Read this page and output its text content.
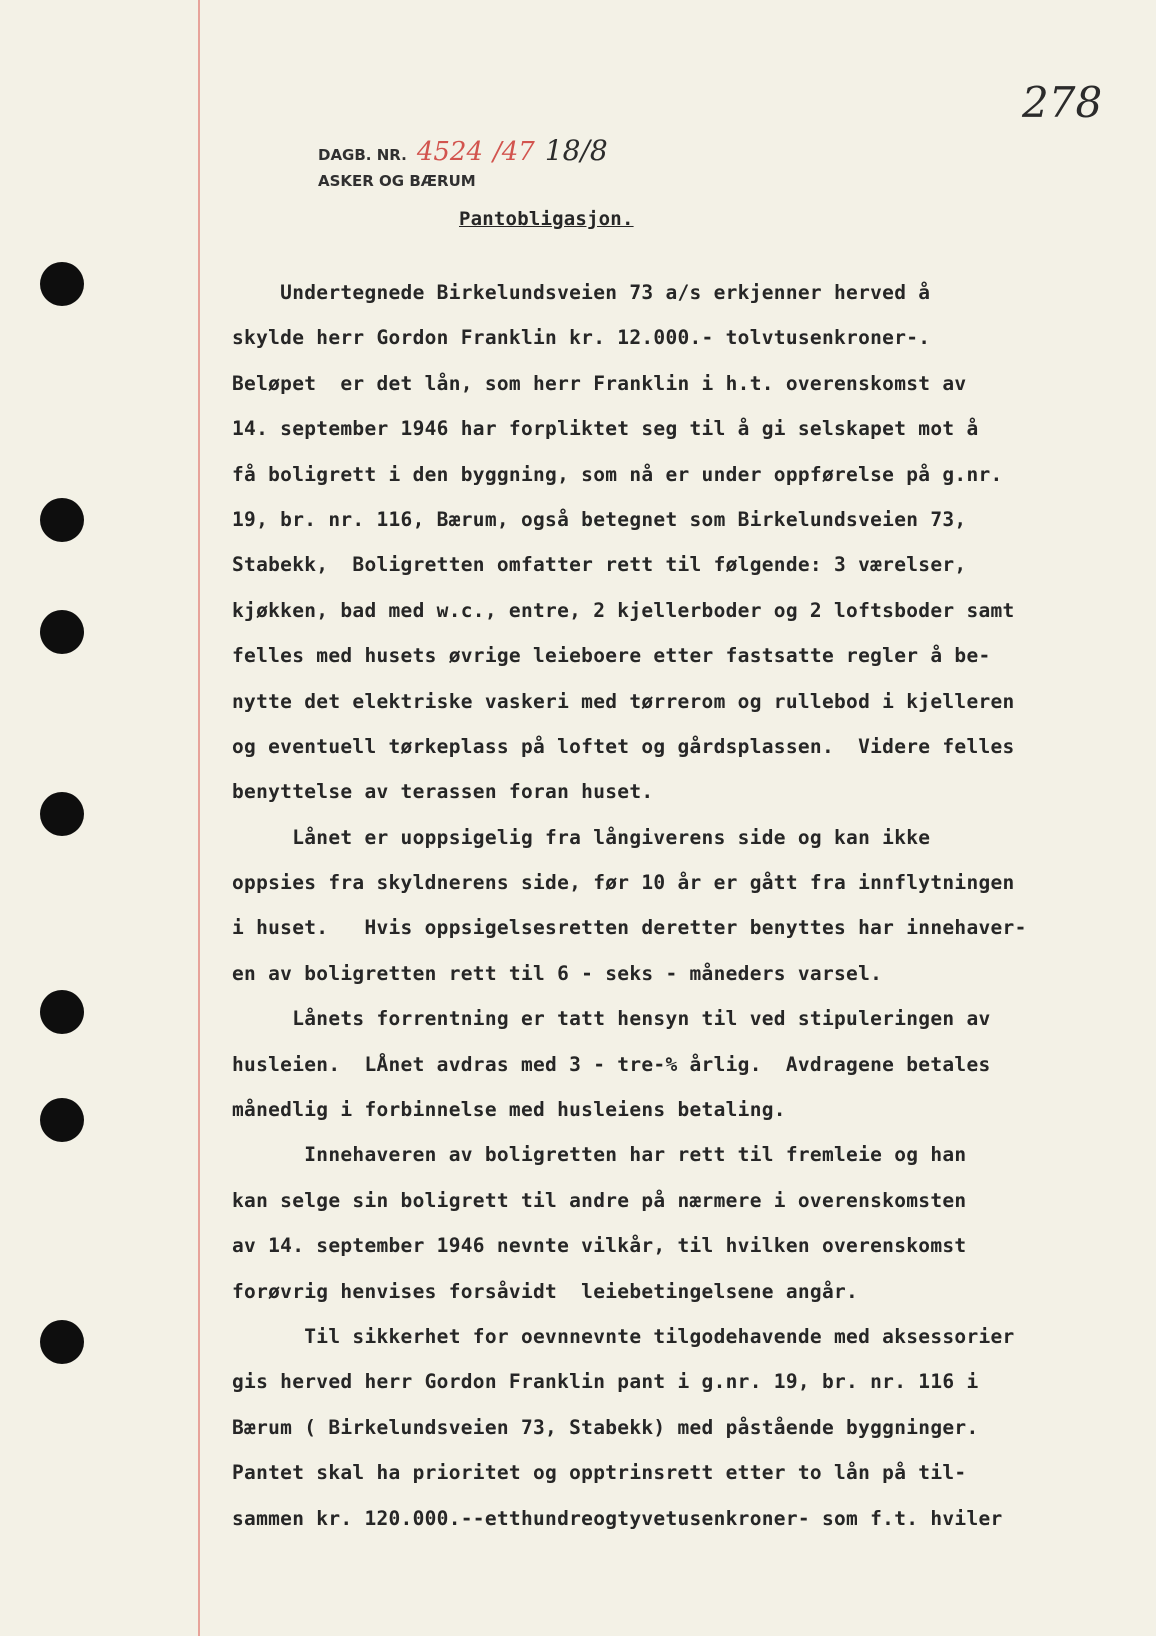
DAGB. NR. 4524 /47 18/8
ASKER OG BÆRUM
278
Pantobligasjon.
Undertegnede Birkelundsveien 73 a/s erkjenner herved å
skylde herr Gordon Franklin kr. 12.000.- tolvtusenkroner-.
Beløpet  er det lån, som herr Franklin i h.t. overenskomst av
14. september 1946 har forpliktet seg til å gi selskapet mot å
få boligrett i den byggning, som nå er under oppførelse på g.nr.
19, br. nr. 116, Bærum, også betegnet som Birkelundsveien 73,
Stabekk,  Boligretten omfatter rett til følgende: 3 værelser,
kjøkken, bad med w.c., entre, 2 kjellerboder og 2 loftsboder samt
felles med husets øvrige leieboere etter fastsatte regler å be-
nytte det elektriske vaskeri med tørrerom og rullebod i kjelleren
og eventuell tørkeplass på loftet og gårdsplassen.  Videre felles
benyttelse av terassen foran huset.
Lånet er uoppsigelig fra långiverens side og kan ikke
oppsies fra skyldnerens side, før 10 år er gått fra innflytningen
i huset.   Hvis oppsigelsesretten deretter benyttes har innehaver-
en av boligretten rett til 6 - seks - måneders varsel.
Lånets forrentning er tatt hensyn til ved stipuleringen av
husleien.  LÅnet avdras med 3 - tre-% årlig.  Avdragene betales
månedlig i forbinnelse med husleiens betaling.
Innehaveren av boligretten har rett til fremleie og han
kan selge sin boligrett til andre på nærmere i overenskomsten
av 14. september 1946 nevnte vilkår, til hvilken overenskomst
forøvrig henvises forsåvidt  leiebetingelsene angår.
Til sikkerhet for oevnnevnte tilgodehavende med aksessorier
gis herved herr Gordon Franklin pant i g.nr. 19, br. nr. 116 i
Bærum ( Birkelundsveien 73, Stabekk) med påstående byggninger.
Pantet skal ha prioritet og opptrinsrett etter to lån på til-
sammen kr. 120.000.--etthundreogtyvetusenkroner- som f.t. hviler
